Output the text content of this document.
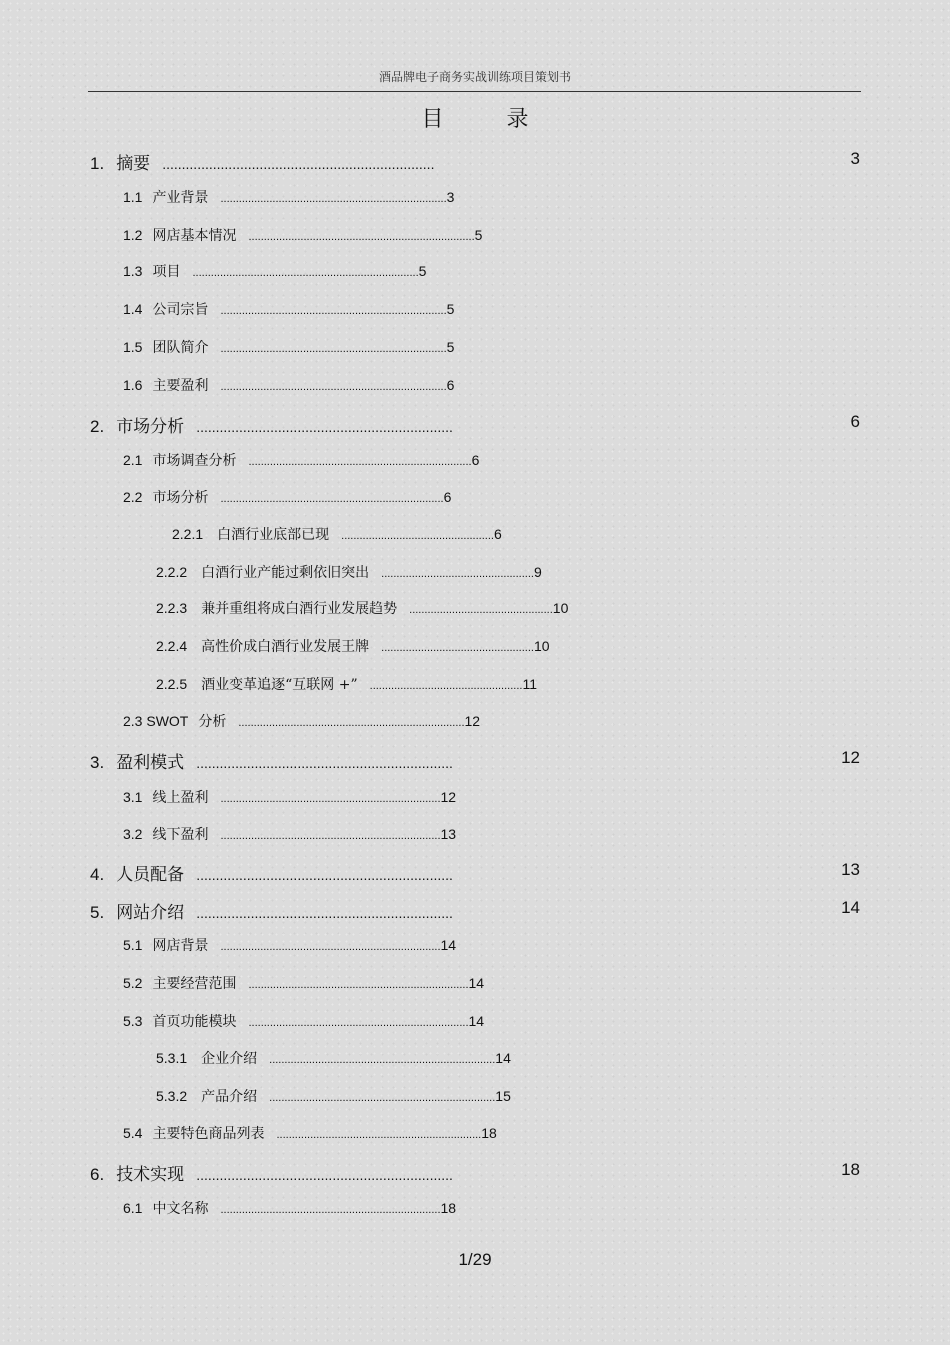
酒品牌电子商务实战训练项目策划书
目 录
1. 摘要 ......................................................................	3
1.1 产业背景 .......................................................................... 3
1.2 网店基本情况 .......................................................................... 5
1.3 项目 .......................................................................... 5
1.4 公司宗旨 .......................................................................... 5
1.5 团队简介 .......................................................................... 5
1.6 主要盈利 .......................................................................... 6
2. 市场分析 ..................................................................	6
2.1 市场调查分析 ......................................................................... 6
2.2 市场分析 ......................................................................... 6
2.2.1 白酒行业底部已现 .................................................. 6
2.2.2 白酒行业产能过剩依旧突出 .................................................. 9
2.2.3 兼并重组将成白酒行业发展趋势 ............................................... 10
2.2.4 高性价成白酒行业发展王牌 .................................................. 10
2.2.5 酒业变革追逐“互联网 +” .................................................. 11
2.3 SWOT 分析 .......................................................................... 12
3. 盈利模式 ..................................................................	12
3.1 线上盈利 ........................................................................ 12
3.2 线下盈利 ........................................................................ 13
4. 人员配备 ..................................................................	13
5. 网站介绍 ..................................................................	14
5.1 网店背景 ........................................................................ 14
5.2 主要经营范围 ........................................................................ 14
5.3 首页功能模块 ........................................................................ 14
5.3.1 企业介绍 .......................................................................... 14
5.3.2 产品介绍 .......................................................................... 15
5.4 主要特色商品列表 ................................................................... 18
6. 技术实现 ..................................................................	18
6.1 中文名称 ........................................................................ 18
1/29
